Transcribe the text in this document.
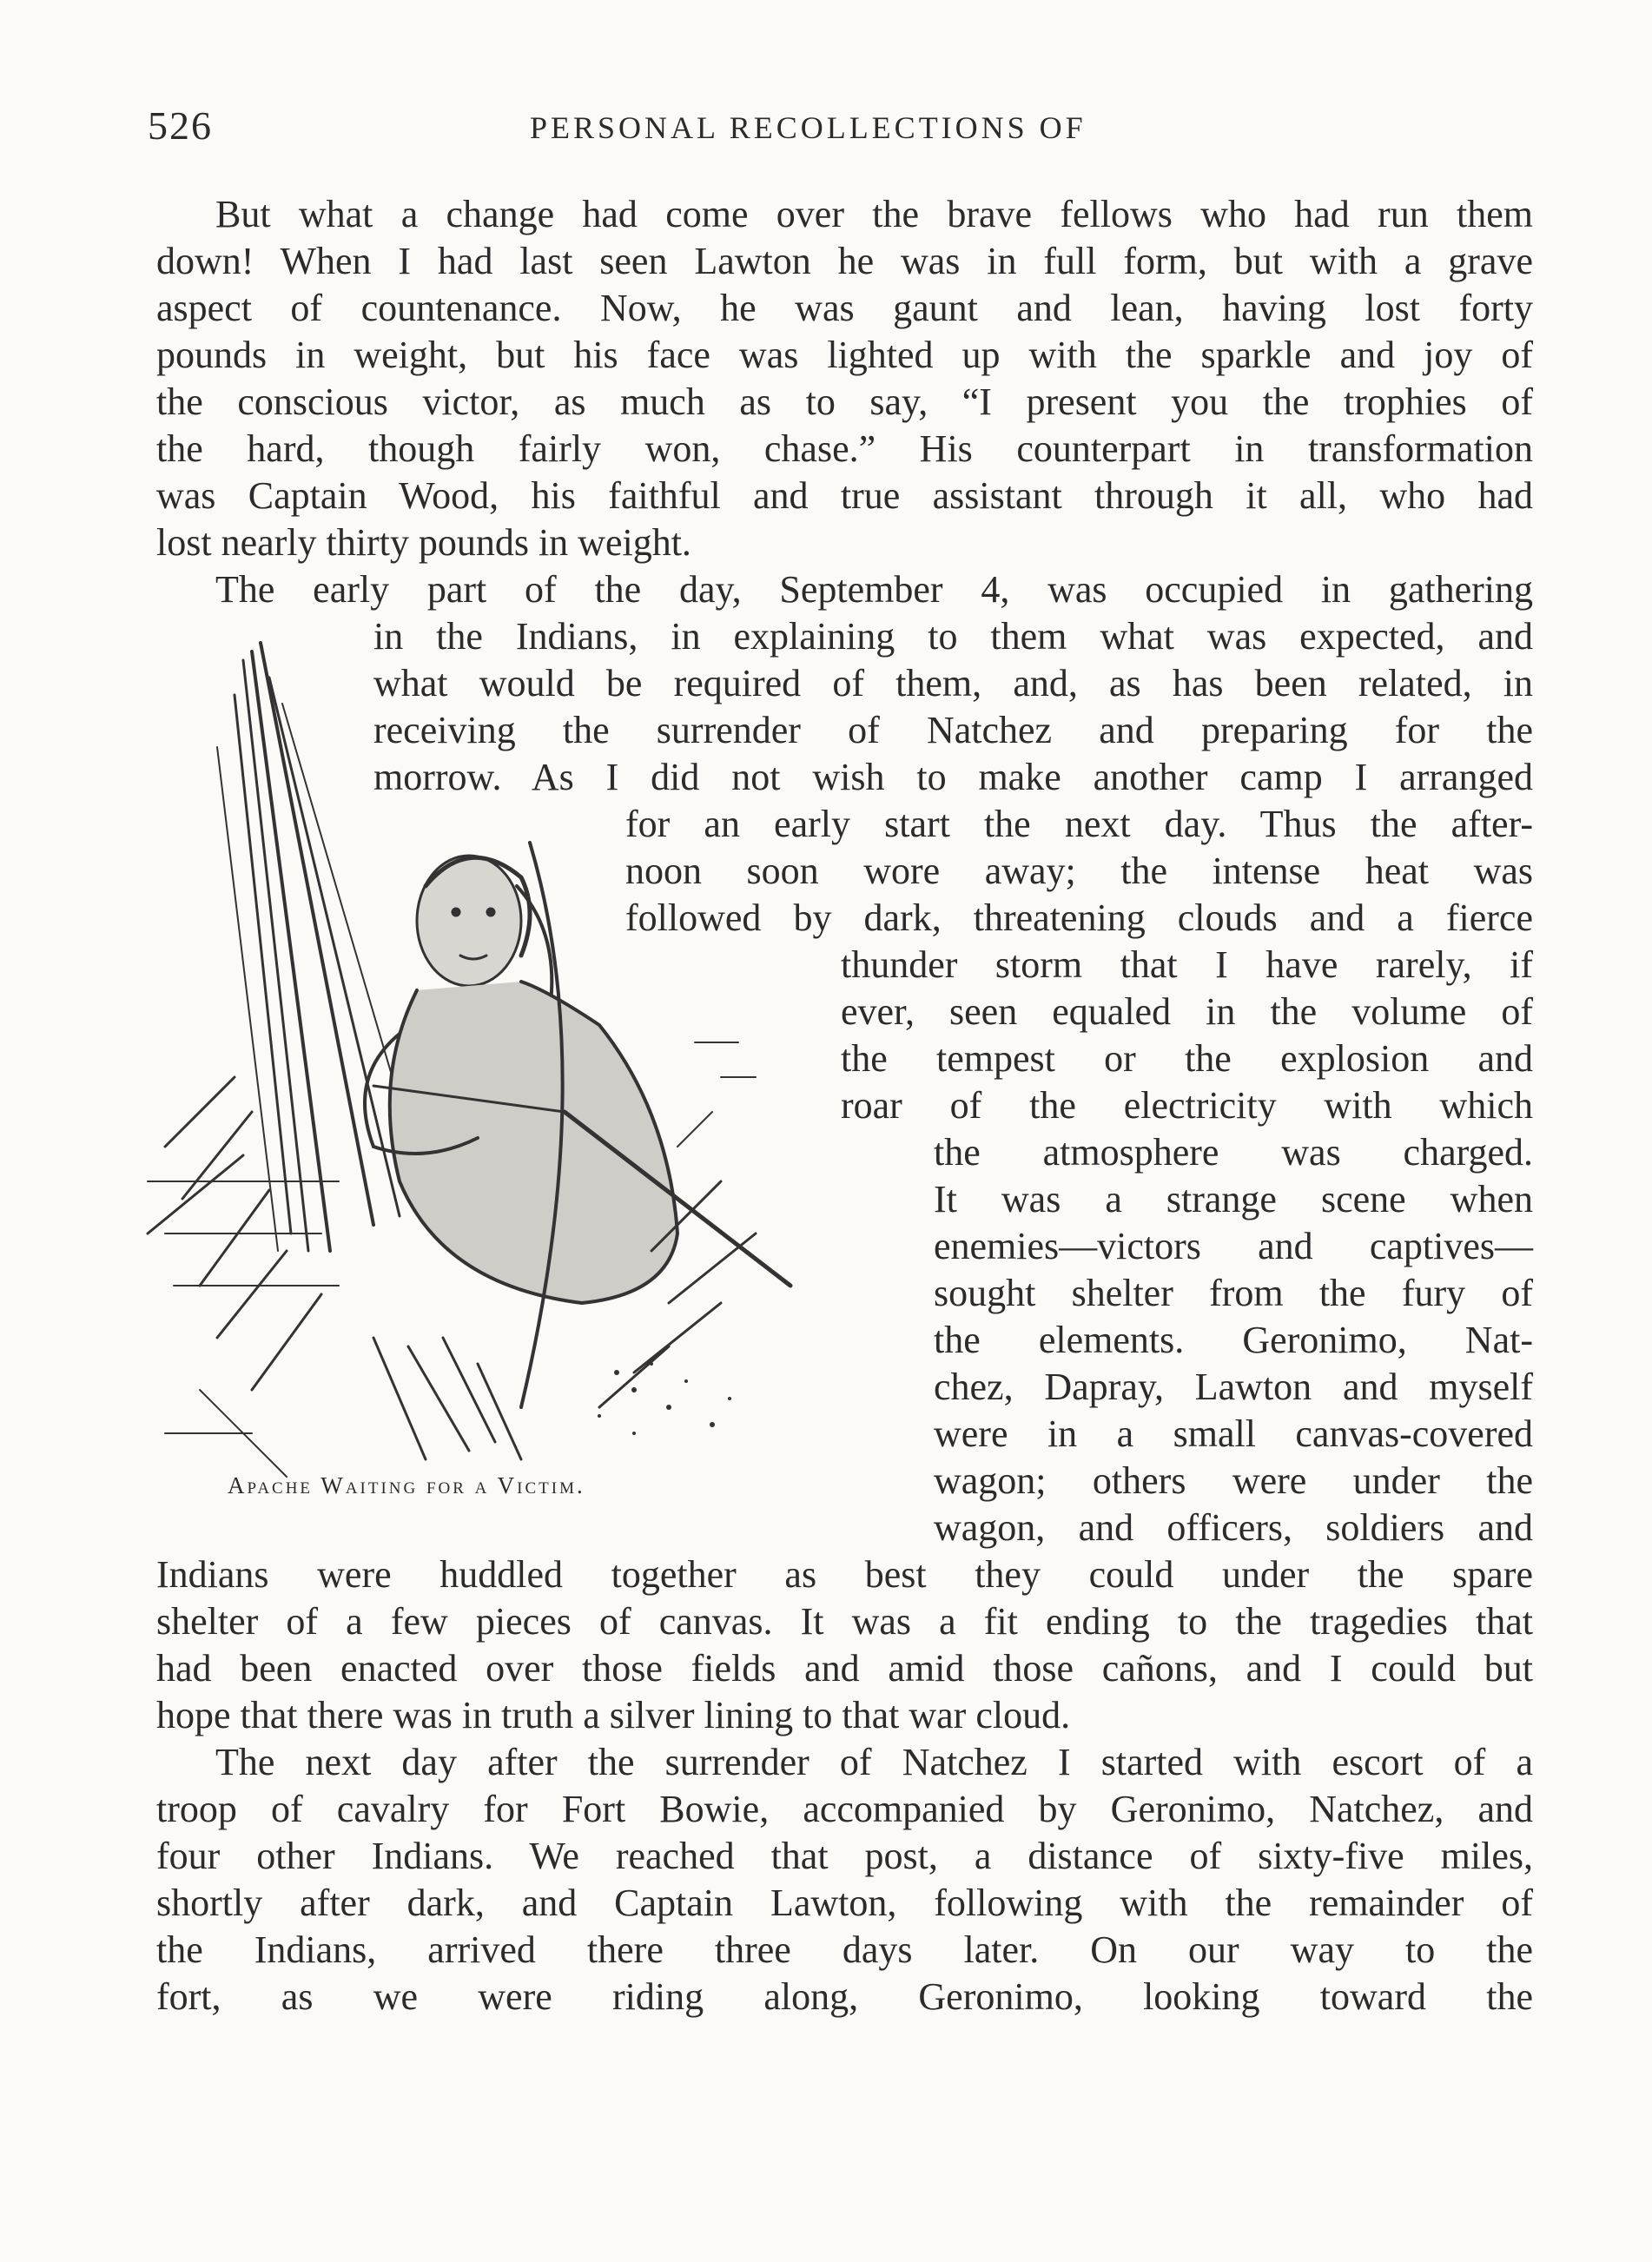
526	PERSONAL RECOLLECTIONS OF
But what a change had come over the brave fellows who had run them
down! When I had last seen Lawton he was in full form, but with a grave
aspect of countenance. Now, he was gaunt and lean, having lost forty
pounds in weight, but his face was lighted up with the sparkle and joy of
the conscious victor, as much as to say, “I present you the trophies of
the hard, though fairly won, chase.” His counterpart in transformation
was Captain Wood, his faithful and true assistant through it all, who had
lost nearly thirty pounds in weight.
The early part of the day, September 4, was occupied in gathering
in the Indians, in explaining to them what was expected, and
what would be required of them, and, as has been related, in
receiving the surrender of Natchez and preparing for the
morrow. As I did not wish to make another camp I arranged
for an early start the next day. Thus the after-
noon soon wore away; the intense heat was
followed by dark, threatening clouds and a fierce
thunder storm that I have rarely, if
ever, seen equaled in the volume of
the tempest or the explosion and
roar of the electricity with which
the atmosphere was charged.
It was a strange scene when
enemies—victors and captives—
sought shelter from the fury of
the elements. Geronimo, Nat-
chez, Dapray, Lawton and myself
were in a small canvas-covered
wagon; others were under the
wagon, and officers, soldiers and
Indians were huddled together as best they could under the spare
shelter of a few pieces of canvas. It was a fit ending to the tragedies that
had been enacted over those fields and amid those cañons, and I could but
hope that there was in truth a silver lining to that war cloud.
The next day after the surrender of Natchez I started with escort of a
troop of cavalry for Fort Bowie, accompanied by Geronimo, Natchez, and
four other Indians. We reached that post, a distance of sixty-five miles,
shortly after dark, and Captain Lawton, following with the remainder of
the Indians, arrived there three days later. On our way to the
fort, as we were riding along, Geronimo, looking toward the
Apache Waiting for a Victim.
